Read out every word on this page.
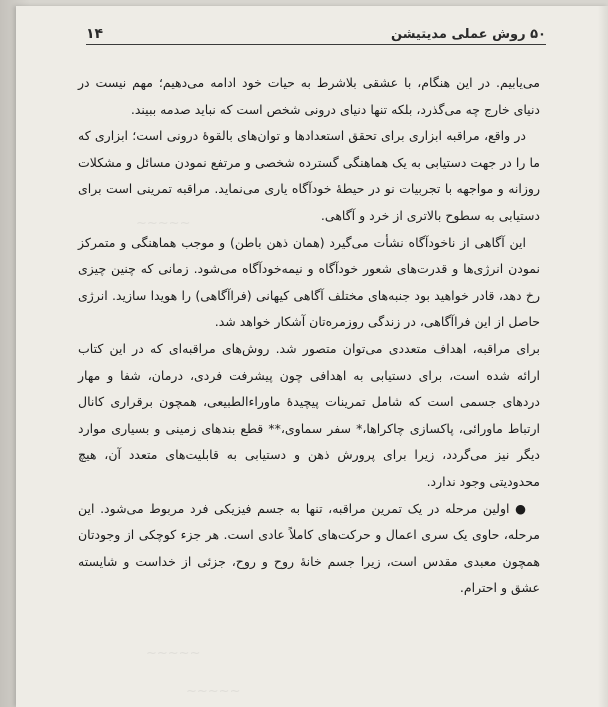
~~~~~
~~~~~
~~~~~
۵۰ روش عملی مدیتیشن
۱۴

می‌یابیم. در این هنگام، با عشقی بلاشرط به حیات خود ادامه می‌دهیم؛ مهم نیست در دنیای خارج چه می‌گذرد، بلکه تنها دنیای درونی شخص است که نباید صدمه ببیند.

در واقع، مراقبه ابزاری برای تحقق استعدادها و توان‌های بالقوهٔ درونی است؛ ابزاری که ما را در جهت دستیابی به یک هماهنگی گسترده شخصی و مرتفع نمودن مسائل و مشکلات روزانه و مواجهه با تجربیات نو در حیطهٔ خودآگاه یاری می‌نماید. مراقبه تمرینی است برای دستیابی به سطوح بالاتری از خرد و آگاهی.

این آگاهی از ناخودآگاه نشأت می‌گیرد (همان ذهن باطن) و موجب هماهنگی و متمرکز نمودن انرژی‌ها و قدرت‌های شعور خودآگاه و نیمه‌خودآگاه می‌شود. زمانی که چنین چیزی رخ دهد، قادر خواهید بود جنبه‌های مختلف آگاهی کیهانی (فراآگاهی) را هویدا سازید. انرژی حاصل از این فراآگاهی، در زندگی روزمره‌تان آشکار خواهد شد.

برای مراقبه، اهداف متعددی می‌توان متصور شد. روش‌های مراقبه‌ای که در این کتاب ارائه شده است، برای دستیابی به اهدافی چون پیشرفت فردی، درمان، شفا و مهار دردهای جسمی است که شامل تمرینات پیچیدهٔ ماوراءالطبیعی، همچون برقراری کانال ارتباط ماورائی، پاکسازی چاکراها،* سفر سماوی،** قطع بندهای زمینی و بسیاری موارد دیگر نیز می‌گردد، زیرا برای پرورش ذهن و دستیابی به قابلیت‌های متعدد آن، هیچ محدودیتی وجود ندارد.

● اولین مرحله در یک تمرین مراقبه، تنها به جسم فیزیکی فرد مربوط می‌شود. این مرحله، حاوی یک سری اعمال و حرکت‌های کاملاً عادی است. هر جزء کوچکی از وجودتان همچون معبدی مقدس است، زیرا جسم خانهٔ روح و روح، جزئی از خداست و شایسته عشق و احترام.
